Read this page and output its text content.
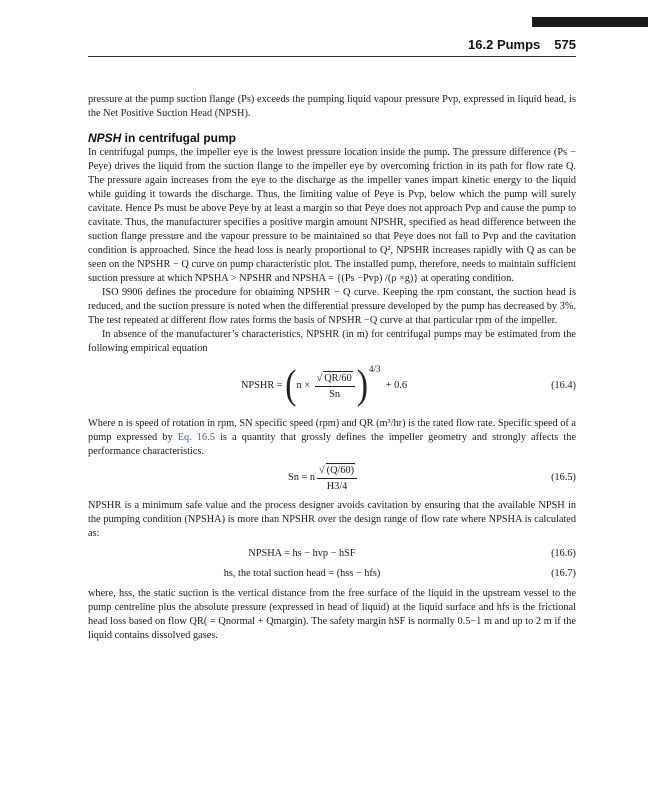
16.2 Pumps 575

pressure at the pump suction flange (Ps) exceeds the pumping liquid vapour pressure Pvp, expressed in liquid head, is the Net Positive Suction Head (NPSH).

NPSH in centrifugal pump

In centrifugal pumps, the impeller eye is the lowest pressure location inside the pump. The pressure difference (Ps − Peye) drives the liquid from the suction flange to the impeller eye by overcoming friction in its path for flow rate Q. The pressure again increases from the eye to the discharge as the impeller vanes impart kinetic energy to the liquid while guiding it towards the discharge. Thus, the limiting value of Peye is Pvp, below which the pump will surely cavitate. Hence Ps must be above Peye by at least a margin so that Peye does not approach Pvp and cause the pump to cavitate. Thus, the manufacturer specifies a positive margin amount NPSHR, specified as head difference between the suction flange pressure and the vapour pressure to be maintained so that Peye does not fall to Pvp and the cavitation condition is approached. Since the head loss is nearly proportional to Q², NPSHR increases rapidly with Q as can be seen on the NPSHR − Q curve on pump characteristic plot. The installed pump, therefore, needs to maintain sufficient suction pressure at which NPSHA > NPSHR and NPSHA = {(Ps −Pvp) /(ρ ×g)} at operating condition.

ISO 9906 defines the procedure for obtaining NPSHR − Q curve. Keeping the rpm constant, the suction head is reduced, and the suction pressure is noted when the differential pressure developed by the pump has decreased by 3%. The test repeated at different flow rates forms the basis of NPSHR −Q curve at that particular rpm of the impeller.

In absence of the manufacturer’s characteristics, NPSHR (in m) for centrifugal pumps may be estimated from the following empirical equation

NPSHR =
( n ×
$\frac{√ QR/60}{Sn}$ ) 4/3

+ 0.6	(16.4)

Where n is speed of rotation in rpm, SN specific speed (rpm) and QR (m³/hr) is the rated flow rate. Specific speed of a pump expressed by Eq. 16.5 is a quantity that grossly defines the impeller geometry and strongly affects the performance characteristics.

Sn = n $\frac{√ (Q/60)}{H3/4}$	(16.5)

NPSHR is a minimum safe value and the process designer avoids cavitation by ensuring that the available NPSH in the pumping condition (NPSHA) is more than NPSHR over the design range of flow rate where NPSHA is calculated as:

NPSHA = hs − hvp − hSF	(16.6)
hs, the total suction head = (hss − hfs)	(16.7)

where, hss, the static suction is the vertical distance from the free surface of the liquid in the upstream vessel to the pump centreline plus the absolute pressure (expressed in head of liquid) at the liquid surface and hfs is the frictional head loss based on flow QR( = Qnormal + Qmargin). The safety margin hSF is normally 0.5−1 m and up to 2 m if the liquid contains dissolved gases.
